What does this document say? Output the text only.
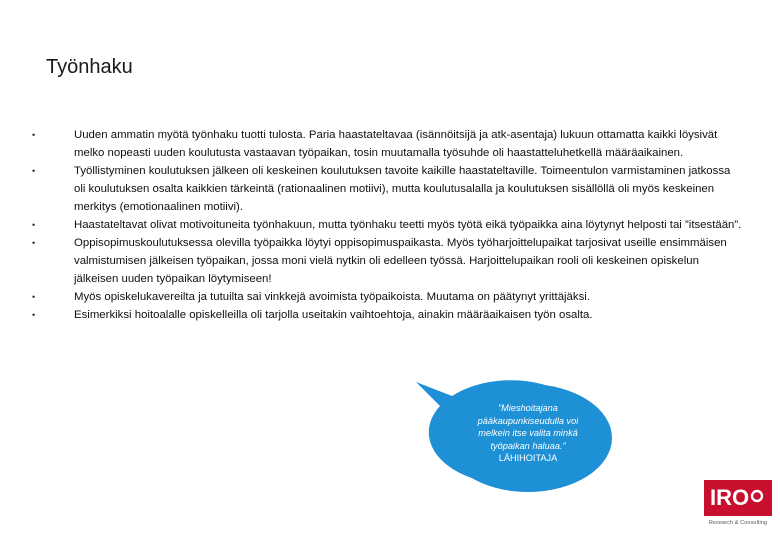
Työnhaku
•	Uuden ammatin myötä työnhaku tuotti tulosta. Paria haastateltavaa (isännöitsijä ja atk-asentaja) lukuun ottamatta kaikki löysivät melko nopeasti uuden koulutusta vastaavan työpaikan, tosin muutamalla työsuhde oli haastatteluhetkellä määräaikainen.
•	Työllistyminen koulutuksen jälkeen oli keskeinen koulutuksen tavoite kaikille haastateltaville. Toimeentulon varmistaminen jatkossa oli koulutuksen osalta kaikkien tärkeintä (rationaalinen motiivi), mutta koulutusalalla ja koulutuksen sisällöllä oli myös keskeinen merkitys (emotionaalinen motiivi).
•	Haastateltavat olivat motivoituneita työnhakuun, mutta työnhaku teetti myös työtä eikä työpaikka aina löytynyt helposti tai ”itsestään”.
•	Oppisopimuskoulutuksessa olevilla työpaikka löytyi oppisopimuspaikasta. Myös työharjoittelupaikat tarjosivat useille ensimmäisen valmistumisen jälkeisen työpaikan, jossa moni vielä nytkin oli edelleen työssä. Harjoittelupaikan rooli oli keskeinen opiskelun jälkeisen uuden työpaikan löytymiseen!
•	Myös opiskelukavereilta ja tutuilta sai vinkkejä avoimista työpaikoista. Muutama on päätynyt yrittäjäksi.
•	Esimerkiksi hoitoalalle opiskelleilla oli tarjolla useitakin vaihtoehtoja, ainakin määräaikaisen työn osalta.
”Mieshoitajana
pääkaupunkiseudulla voi
melkein itse valita minkä
työpaikan haluaa.”
LÄHIHOITAJA
IRO
Research & Consulting
